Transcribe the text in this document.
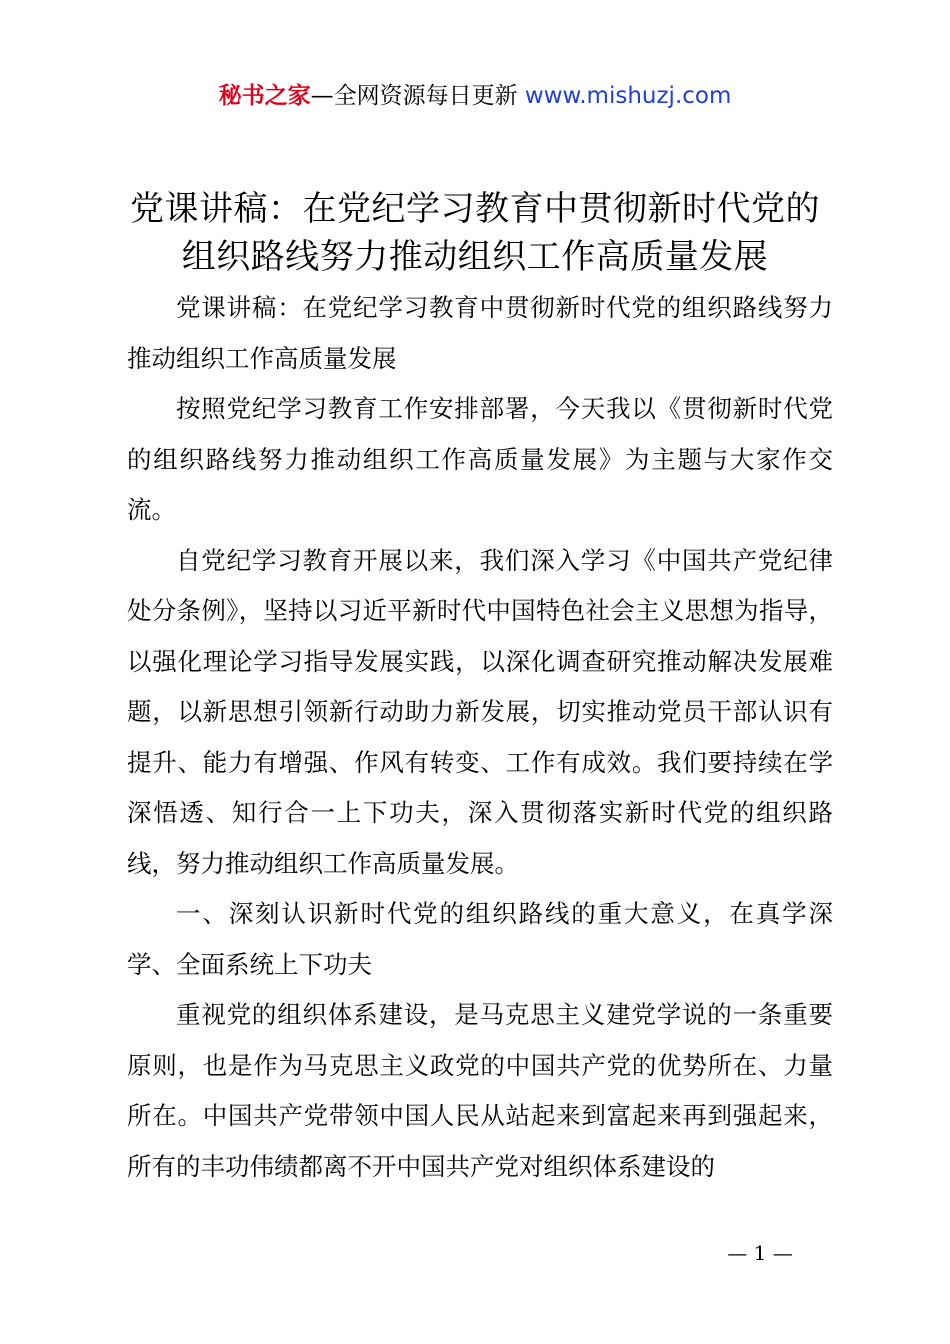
秘书之家—全网资源每日更新 www.mishuzj.com
党课讲稿：在党纪学习教育中贯彻新时代党的
组织路线努力推动组织工作高质量发展

党课讲稿：在党纪学习教育中贯彻新时代党的组织路线努力推动组织工作高质量发展

按照党纪学习教育工作安排部署，今天我以《贯彻新时代党的组织路线努力推动组织工作高质量发展》为主题与大家作交流。

自党纪学习教育开展以来，我们深入学习《中国共产党纪律处分条例》，坚持以习近平新时代中国特色社会主义思想为指导，以强化理论学习指导发展实践，以深化调查研究推动解决发展难题，以新思想引领新行动助力新发展，切实推动党员干部认识有提升、能力有增强、作风有转变、工作有成效。我们要持续在学深悟透、知行合一上下功夫，深入贯彻落实新时代党的组织路线，努力推动组织工作高质量发展。

一、深刻认识新时代党的组织路线的重大意义，在真学深学、全面系统上下功夫

重视党的组织体系建设，是马克思主义建党学说的一条重要原则，也是作为马克思主义政党的中国共产党的优势所在、力量所在。中国共产党带领中国人民从站起来到富起来再到强起来，所有的丰功伟绩都离不开中国共产党对组织体系建设的

— 1 —
